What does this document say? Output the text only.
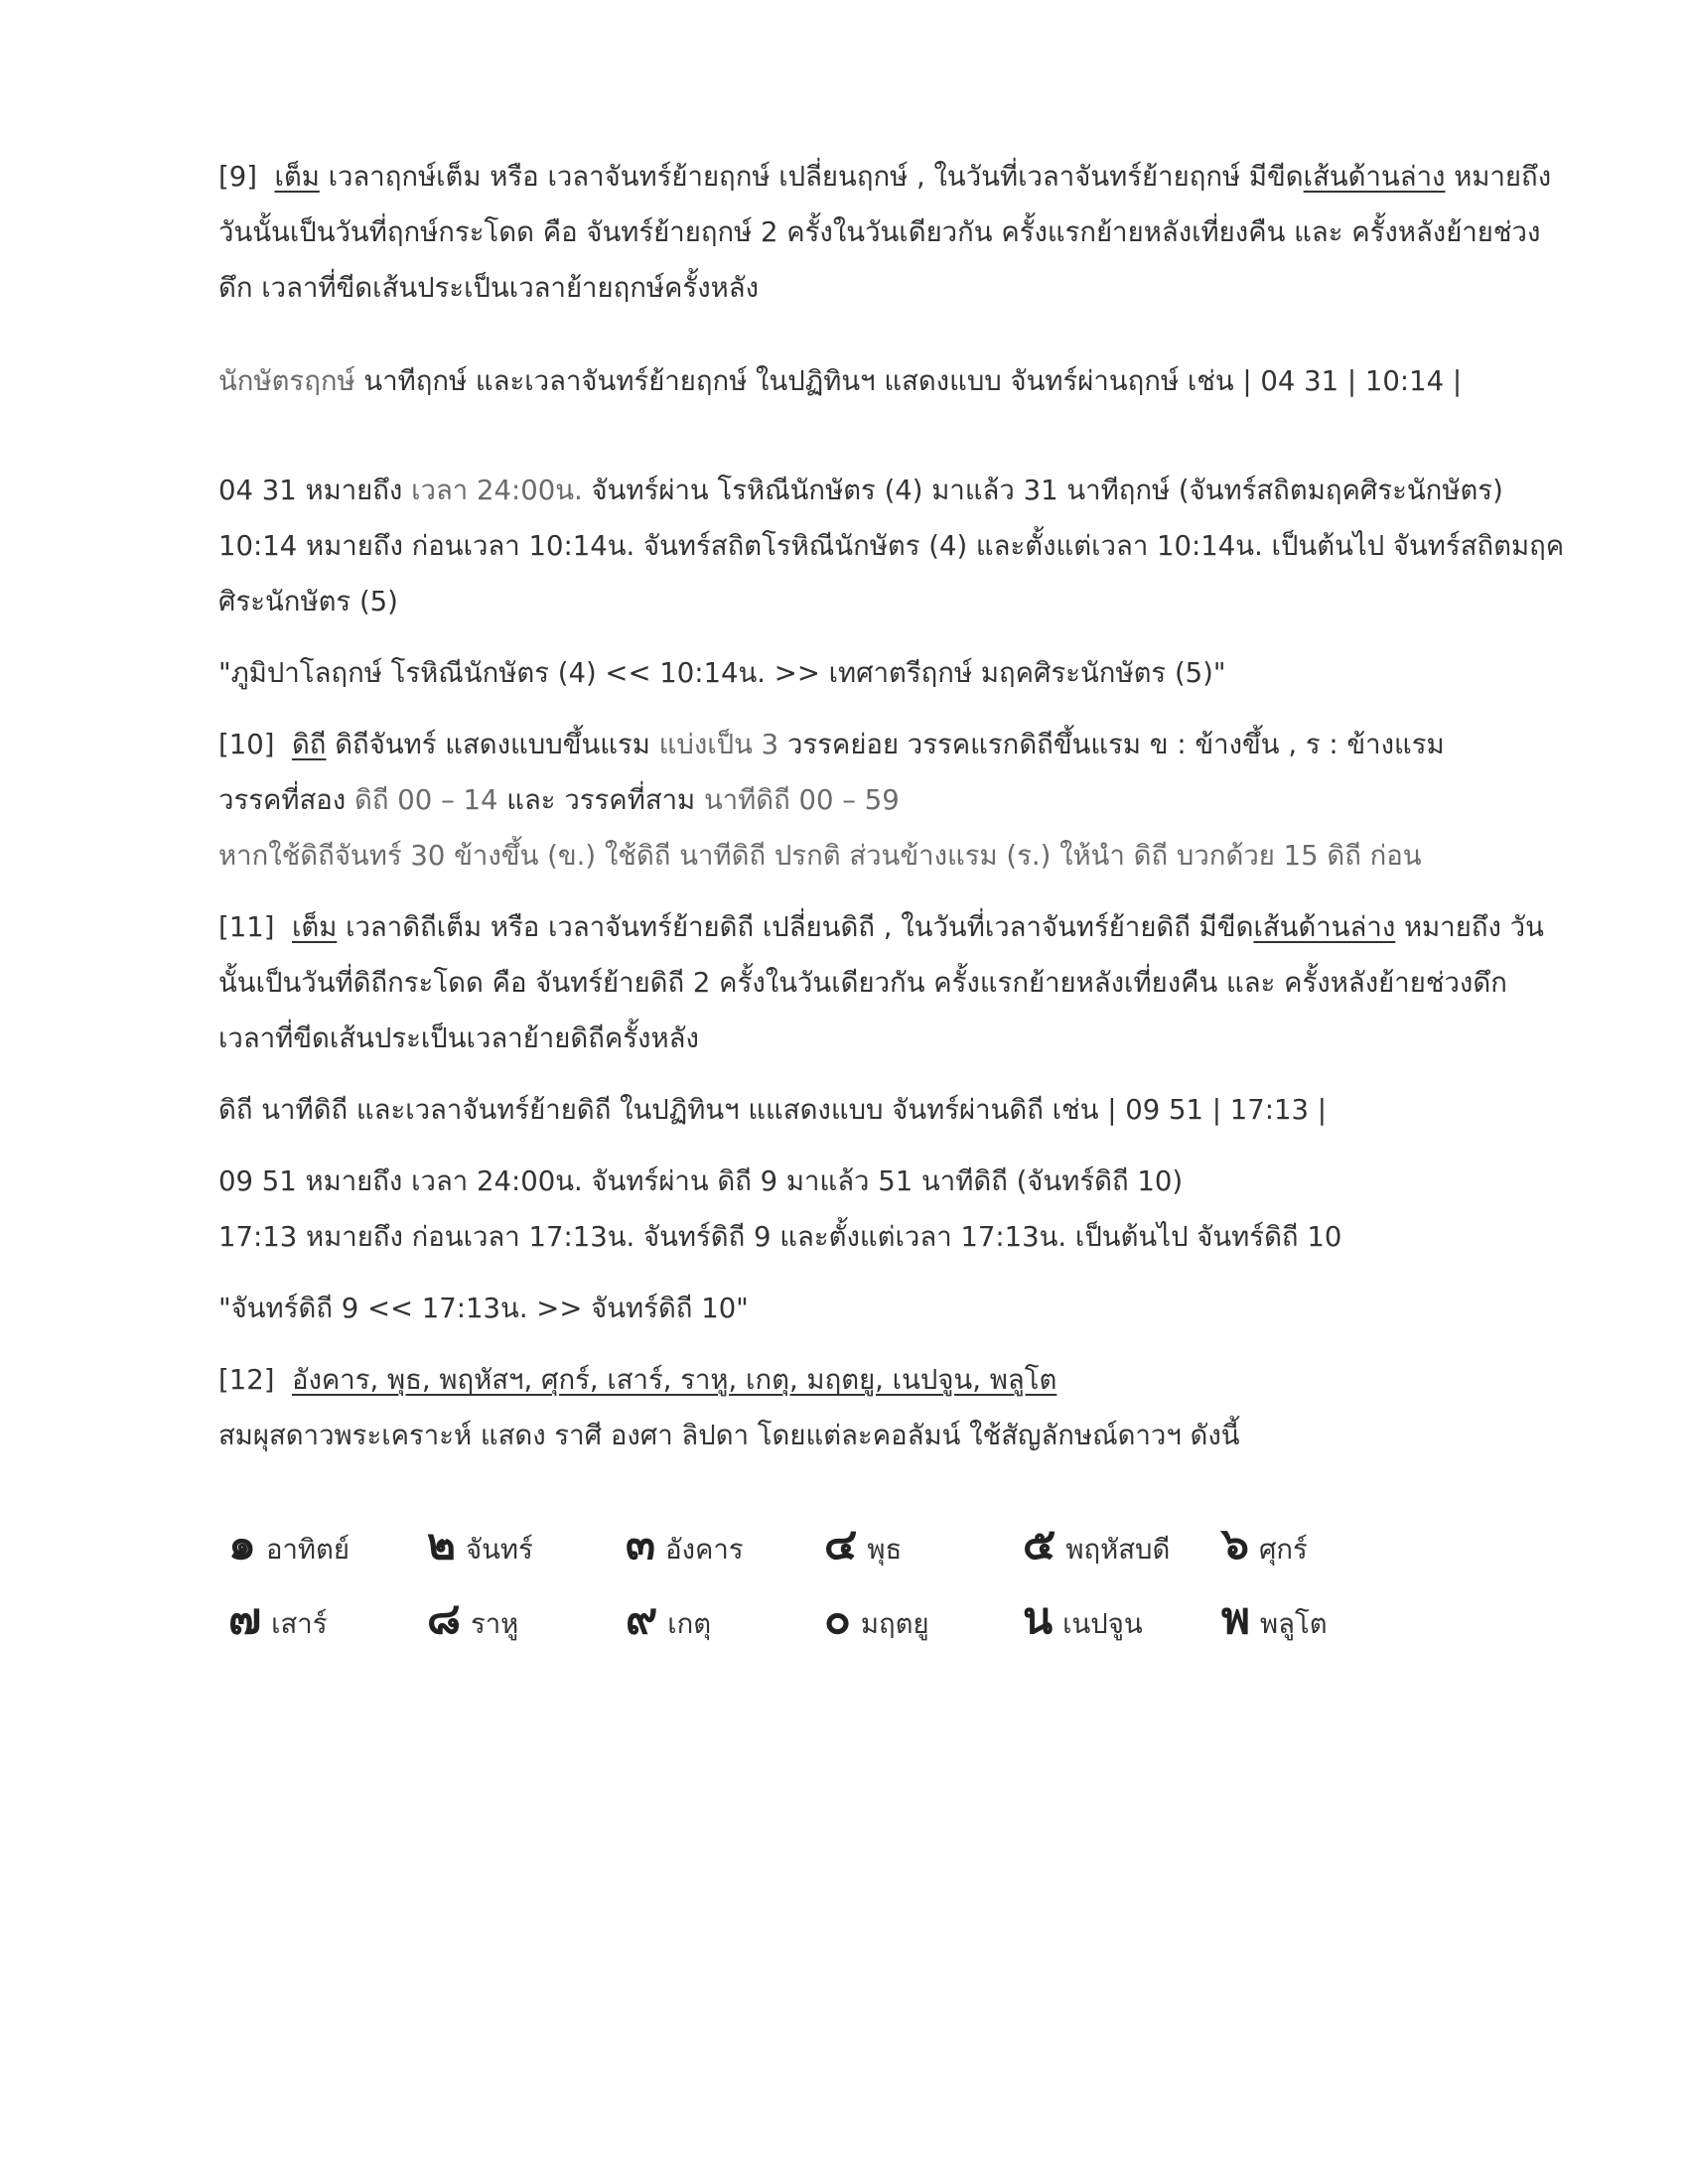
[9] เต็ม เวลาฤกษ์เต็ม หรือ เวลาจันทร์ย้ายฤกษ์ เปลี่ยนฤกษ์ , ในวันที่เวลาจันทร์ย้ายฤกษ์ มีขีดเส้นด้านล่าง หมายถึง
วันนั้นเป็นวันที่ฤกษ์กระโดด คือ จันทร์ย้ายฤกษ์ 2 ครั้งในวันเดียวกัน ครั้งแรกย้ายหลังเที่ยงคืน และ ครั้งหลังย้ายช่วง
ดึก เวลาที่ขีดเส้นประเป็นเวลาย้ายฤกษ์ครั้งหลัง
นักษัตรฤกษ์ นาทีฤกษ์ และเวลาจันทร์ย้ายฤกษ์ ในปฏิทินฯ แสดงแบบ จันทร์ผ่านฤกษ์ เช่น | 04 31 | 10:14 |
04 31 หมายถึง เวลา 24:00น. จันทร์ผ่าน โรหิณีนักษัตร (4) มาแล้ว 31 นาทีฤกษ์ (จันทร์สถิตมฤคศิระนักษัตร)
10:14 หมายถึง ก่อนเวลา 10:14น. จันทร์สถิตโรหิณีนักษัตร (4) และตั้งแต่เวลา 10:14น. เป็นต้นไป จันทร์สถิตมฤค
ศิระนักษัตร (5)
"ภูมิปาโลฤกษ์ โรหิณีนักษัตร (4) << 10:14น. >> เทศาตรีฤกษ์ มฤคศิระนักษัตร (5)"
[10] ดิถี ดิถีจันทร์ แสดงแบบขึ้นแรม แบ่งเป็น 3 วรรคย่อย วรรคแรกดิถีขึ้นแรม ข : ข้างขึ้น , ร : ข้างแรม
วรรคที่สอง ดิถี 00 – 14 และ วรรคที่สาม นาทีดิถี 00 – 59
หากใช้ดิถีจันทร์ 30 ข้างขึ้น (ข.) ใช้ดิถี นาทีดิถี ปรกติ ส่วนข้างแรม (ร.) ให้นำ ดิถี บวกด้วย 15 ดิถี ก่อน
[11] เต็ม เวลาดิถีเต็ม หรือ เวลาจันทร์ย้ายดิถี เปลี่ยนดิถี , ในวันที่เวลาจันทร์ย้ายดิถี มีขีดเส้นด้านล่าง หมายถึง วัน
นั้นเป็นวันที่ดิถีกระโดด คือ จันทร์ย้ายดิถี 2 ครั้งในวันเดียวกัน ครั้งแรกย้ายหลังเที่ยงคืน และ ครั้งหลังย้ายช่วงดึก
เวลาที่ขีดเส้นประเป็นเวลาย้ายดิถีครั้งหลัง
ดิถี นาทีดิถี และเวลาจันทร์ย้ายดิถี ในปฏิทินฯ แแสดงแบบ จันทร์ผ่านดิถี เช่น | 09 51 | 17:13 |
09 51 หมายถึง เวลา 24:00น. จันทร์ผ่าน ดิถี 9 มาแล้ว 51 นาทีดิถี (จันทร์ดิถี 10)
17:13 หมายถึง ก่อนเวลา 17:13น. จันทร์ดิถี 9 และตั้งแต่เวลา 17:13น. เป็นต้นไป จันทร์ดิถี 10
"จันทร์ดิถี 9 << 17:13น. >> จันทร์ดิถี 10"
[12] อังคาร, พุธ, พฤหัสฯ, ศุกร์, เสาร์, ราหู, เกตุ, มฤตยู, เนปจูน, พลูโต
สมผุสดาวพระเคราะห์ แสดง ราศี องศา ลิปดา โดยแต่ละคอลัมน์ ใช้สัญลักษณ์ดาวฯ ดังนี้
๑ อาทิตย์ ๒ จันทร์ ๓ อังคาร ๔ พุธ	๕ พฤหัสบดี ๖ ศุกร์
๗ เสาร์ ๘ ราหู ๙ เกตุ	๐ มฤตยู น เนปจูน พ พลูโต
